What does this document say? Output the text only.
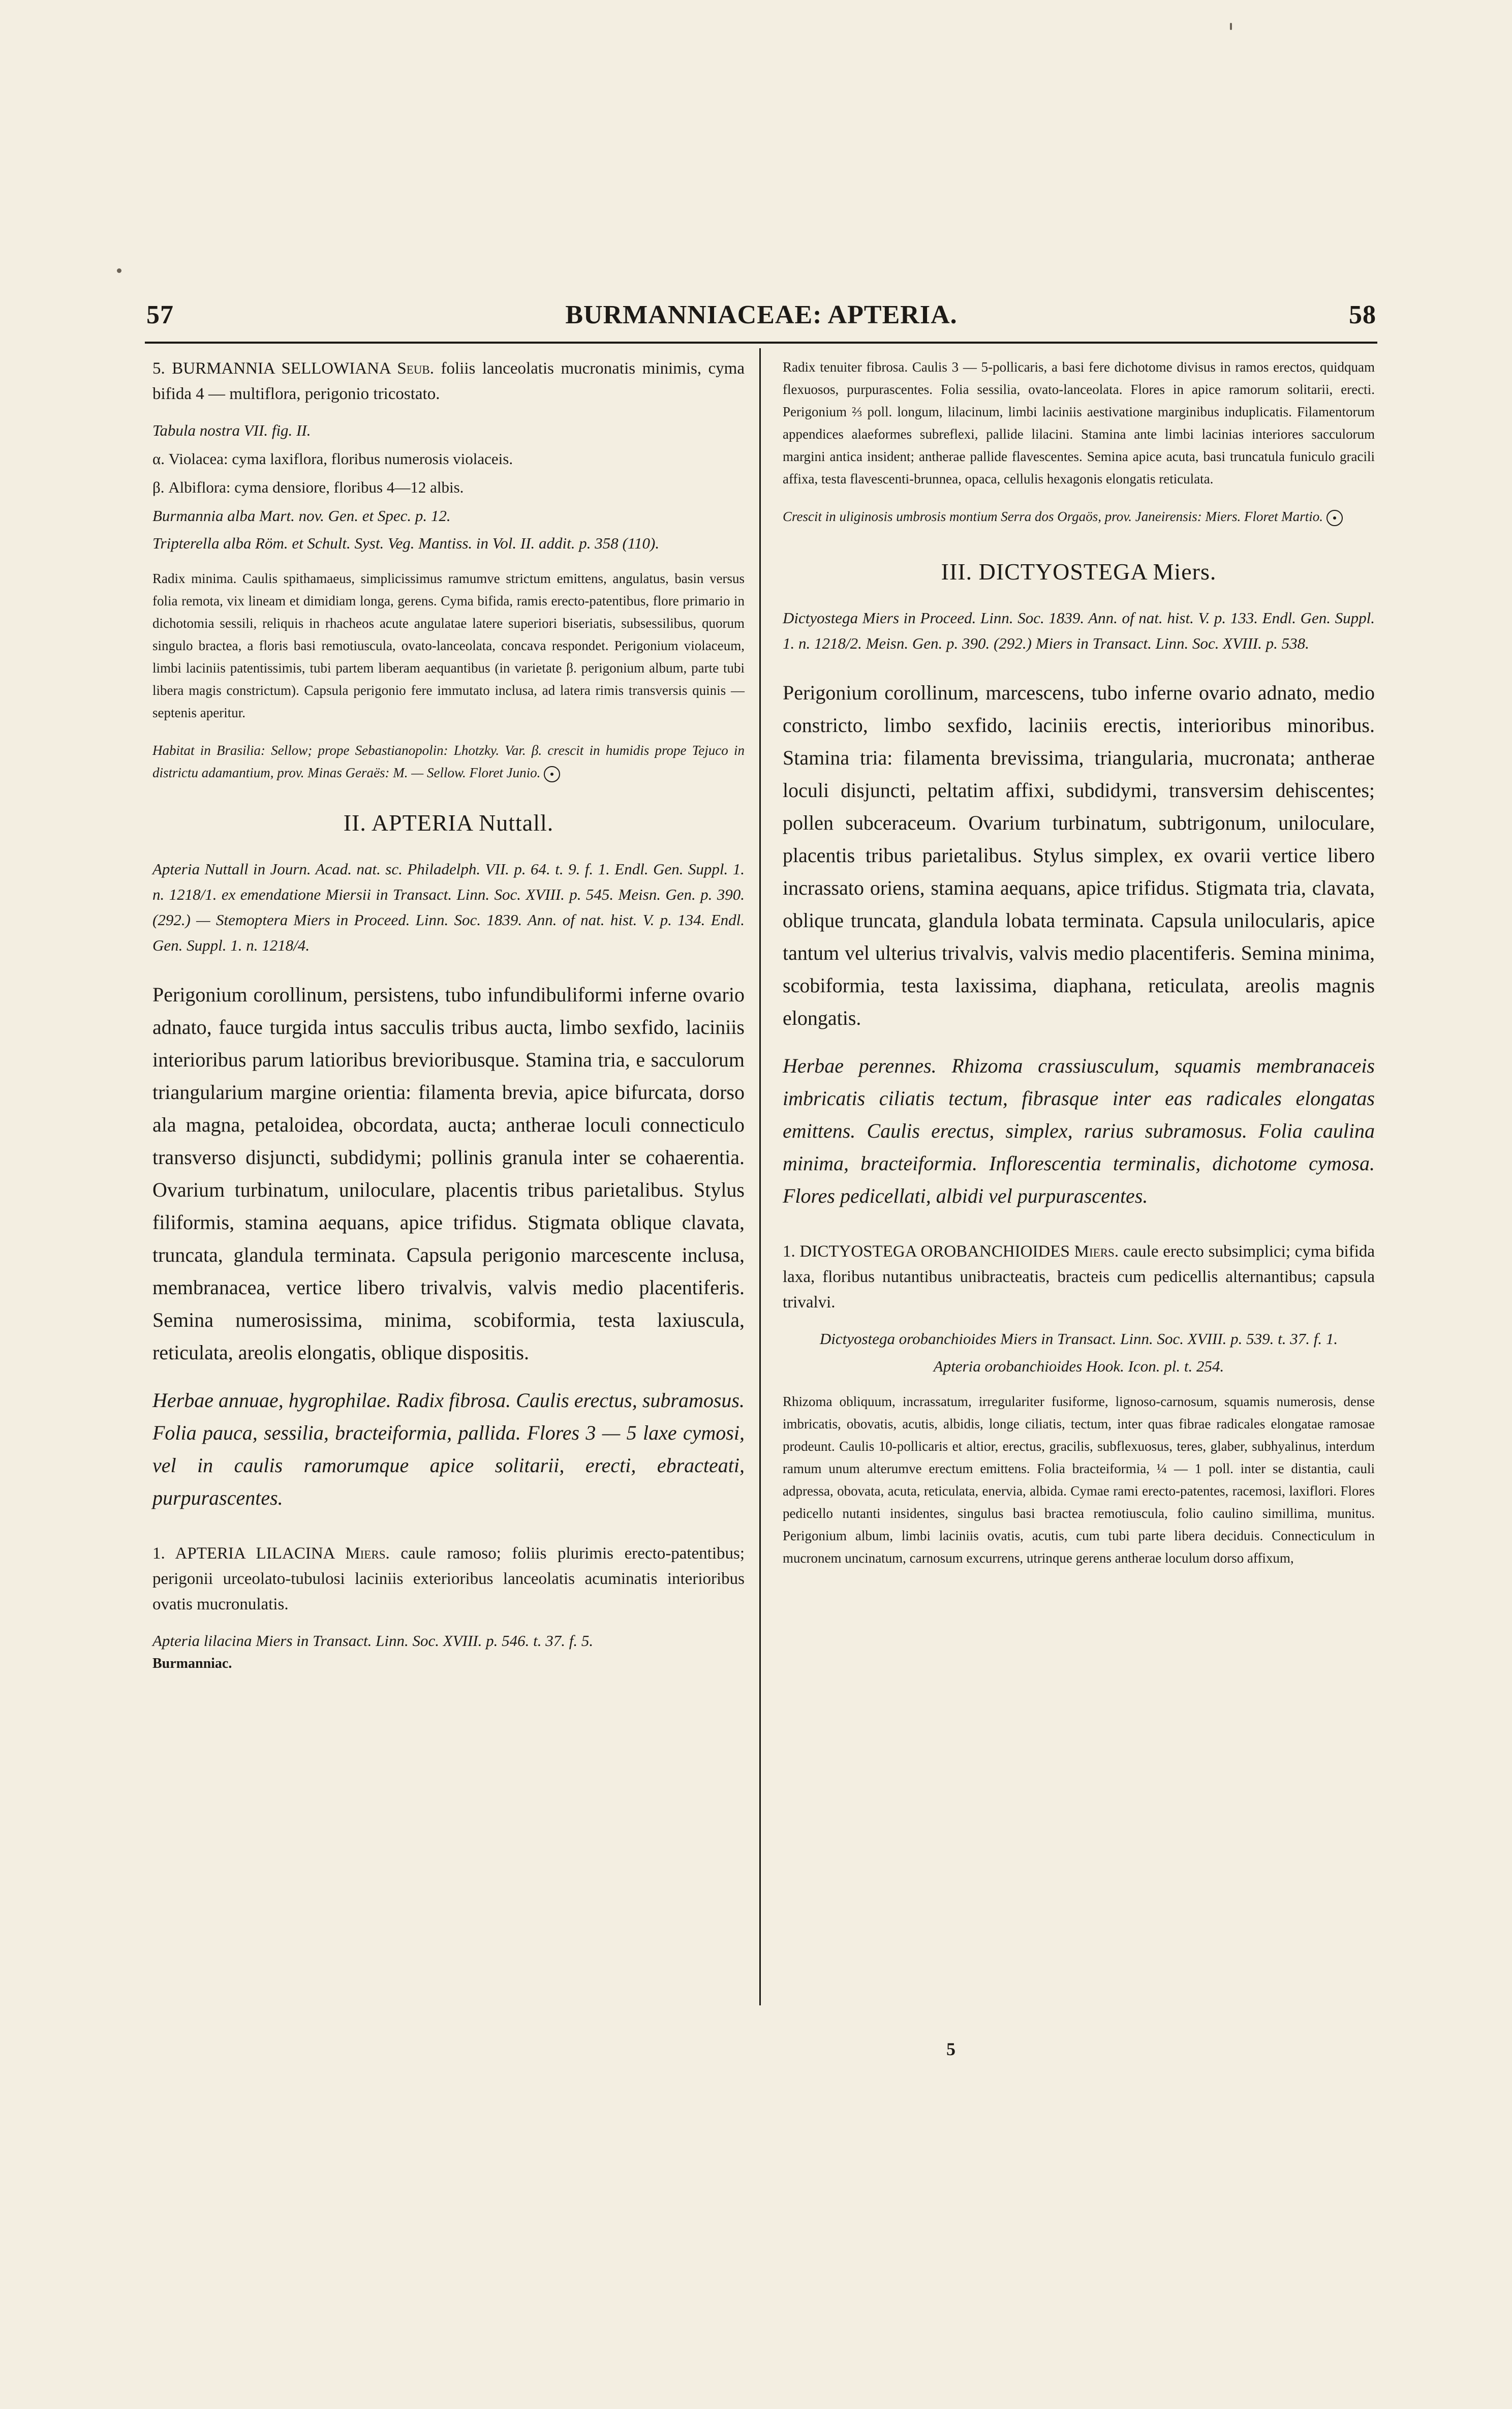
57	BURMANNIACEAE: APTERIA.	58

5. BURMANNIA SELLOWIANA Seub. foliis lanceolatis mucronatis minimis, cyma bifida 4 — multiflora, perigonio tricostato.

Tabula nostra VII. fig. II.

α. Violacea: cyma laxiflora, floribus numerosis violaceis.

β. Albiflora: cyma densiore, floribus 4—12 albis.

Burmannia alba Mart. nov. Gen. et Spec. p. 12.

Tripterella alba Röm. et Schult. Syst. Veg. Mantiss. in Vol. II. addit. p. 358 (110).

Radix minima. Caulis spithamaeus, simplicissimus ramumve strictum emittens, angulatus, basin versus folia remota, vix lineam et dimidiam longa, gerens. Cyma bifida, ramis erecto-patentibus, flore primario in dichotomia sessili, reliquis in rhacheos acute angulatae latere superiori biseriatis, subsessilibus, quorum singulo bractea, a floris basi remotiuscula, ovato-lanceolata, concava respondet. Perigonium violaceum, limbi laciniis patentissimis, tubi partem liberam aequantibus (in varietate β. perigonium album, parte tubi libera magis constrictum). Capsula perigonio fere immutato inclusa, ad latera rimis transversis quinis — septenis aperitur.

Habitat in Brasilia: Sellow; prope Sebastianopolin: Lhotzky. Var. β. crescit in humidis prope Tejuco in districtu adamantium, prov. Minas Geraës: M. — Sellow. Floret Junio.

II. APTERIA Nuttall.

Apteria Nuttall in Journ. Acad. nat. sc. Philadelph. VII. p. 64. t. 9. f. 1. Endl. Gen. Suppl. 1. n. 1218/1. ex emendatione Miersii in Transact. Linn. Soc. XVIII. p. 545. Meisn. Gen. p. 390. (292.) — Stemoptera Miers in Proceed. Linn. Soc. 1839. Ann. of nat. hist. V. p. 134. Endl. Gen. Suppl. 1. n. 1218/4.

Perigonium corollinum, persistens, tubo infundibuliformi inferne ovario adnato, fauce turgida intus sacculis tribus aucta, limbo sexfido, laciniis interioribus parum latioribus brevioribusque. Stamina tria, e sacculorum triangularium margine orientia: filamenta brevia, apice bifurcata, dorso ala magna, petaloidea, obcordata, aucta; antherae loculi connecticulo transverso disjuncti, subdidymi; pollinis granula inter se cohaerentia. Ovarium turbinatum, uniloculare, placentis tribus parietalibus. Stylus filiformis, stamina aequans, apice trifidus. Stigmata oblique clavata, truncata, glandula terminata. Capsula perigonio marcescente inclusa, membranacea, vertice libero trivalvis, valvis medio placentiferis. Semina numerosissima, minima, scobiformia, testa laxiuscula, reticulata, areolis elongatis, oblique dispositis.

Herbae annuae, hygrophilae. Radix fibrosa. Caulis erectus, subramosus. Folia pauca, sessilia, bracteiformia, pallida. Flores 3 — 5 laxe cymosi, vel in caulis ramorumque apice solitarii, erecti, ebracteati, purpurascentes.

1. APTERIA LILACINA Miers. caule ramoso; foliis plurimis erecto-patentibus; perigonii urceolato-tubulosi laciniis exterioribus lanceolatis acuminatis interioribus ovatis mucronulatis.

Apteria lilacina Miers in Transact. Linn. Soc. XVIII. p. 546. t. 37. f. 5.

Burmanniac.

Radix tenuiter fibrosa. Caulis 3 — 5-pollicaris, a basi fere dichotome divisus in ramos erectos, quidquam flexuosos, purpurascentes. Folia sessilia, ovato-lanceolata. Flores in apice ramorum solitarii, erecti. Perigonium ⅔ poll. longum, lilacinum, limbi laciniis aestivatione marginibus induplicatis. Filamentorum appendices alaeformes subreflexi, pallide lilacini. Stamina ante limbi lacinias interiores sacculorum margini antica insident; antherae pallide flavescentes. Semina apice acuta, basi truncatula funiculo gracili affixa, testa flavescenti-brunnea, opaca, cellulis hexagonis elongatis reticulata.

Crescit in uliginosis umbrosis montium Serra dos Orgaös, prov. Janeirensis: Miers. Floret Martio.

III. DICTYOSTEGA Miers.

Dictyostega Miers in Proceed. Linn. Soc. 1839. Ann. of nat. hist. V. p. 133. Endl. Gen. Suppl. 1. n. 1218/2. Meisn. Gen. p. 390. (292.) Miers in Transact. Linn. Soc. XVIII. p. 538.

Perigonium corollinum, marcescens, tubo inferne ovario adnato, medio constricto, limbo sexfido, laciniis erectis, interioribus minoribus. Stamina tria: filamenta brevissima, triangularia, mucronata; antherae loculi disjuncti, peltatim affixi, subdidymi, transversim dehiscentes; pollen subceraceum. Ovarium turbinatum, subtrigonum, uniloculare, placentis tribus parietalibus. Stylus simplex, ex ovarii vertice libero incrassato oriens, stamina aequans, apice trifidus. Stigmata tria, clavata, oblique truncata, glandula lobata terminata. Capsula unilocularis, apice tantum vel ulterius trivalvis, valvis medio placentiferis. Semina minima, scobiformia, testa laxissima, diaphana, reticulata, areolis magnis elongatis.

Herbae perennes. Rhizoma crassiusculum, squamis membranaceis imbricatis ciliatis tectum, fibrasque inter eas radicales elongatas emittens. Caulis erectus, simplex, rarius subramosus. Folia caulina minima, bracteiformia. Inflorescentia terminalis, dichotome cymosa. Flores pedicellati, albidi vel purpurascentes.

1. DICTYOSTEGA OROBANCHIOIDES Miers. caule erecto subsimplici; cyma bifida laxa, floribus nutantibus unibracteatis, bracteis cum pedicellis alternantibus; capsula trivalvi.

Dictyostega orobanchioides Miers in Transact. Linn. Soc. XVIII. p. 539. t. 37. f. 1.

Apteria orobanchioides Hook. Icon. pl. t. 254.

Rhizoma obliquum, incrassatum, irregulariter fusiforme, lignoso-carnosum, squamis numerosis, dense imbricatis, obovatis, acutis, albidis, longe ciliatis, tectum, inter quas fibrae radicales elongatae ramosae prodeunt. Caulis 10-pollicaris et altior, erectus, gracilis, subflexuosus, teres, glaber, subhyalinus, interdum ramum unum alterumve erectum emittens. Folia bracteiformia, ¼ — 1 poll. inter se distantia, cauli adpressa, obovata, acuta, reticulata, enervia, albida. Cymae rami erecto-patentes, racemosi, laxiflori. Flores pedicello nutanti insidentes, singulus basi bractea remotiuscula, folio caulino simillima, munitus. Perigonium album, limbi laciniis ovatis, acutis, cum tubi parte libera deciduis. Connecticulum in mucronem uncinatum, carnosum excurrens, utrinque gerens antherae loculum dorso affixum,

5
